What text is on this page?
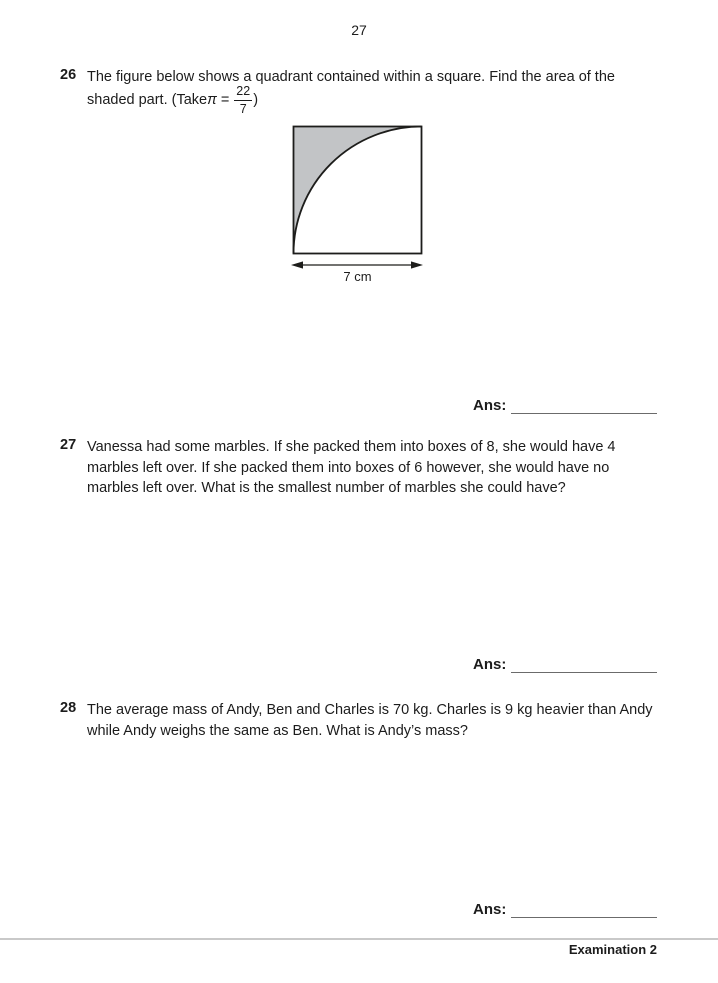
27
26 The figure below shows a quadrant contained within a square. Find the area of the
shaded part. (Take $\pi = \frac{22}{7}$ )
7 cm
Ans:
27 Vanessa had some marbles. If she packed them into boxes of 8, she would have 4
marbles left over. If she packed them into boxes of 6 however, she would have no
marbles left over. What is the smallest number of marbles she could have?
Ans:
28 The average mass of Andy, Ben and Charles is 70 kg. Charles is 9 kg heavier than Andy
while Andy weighs the same as Ben. What is Andy’s mass?
Ans:
Examination 2
